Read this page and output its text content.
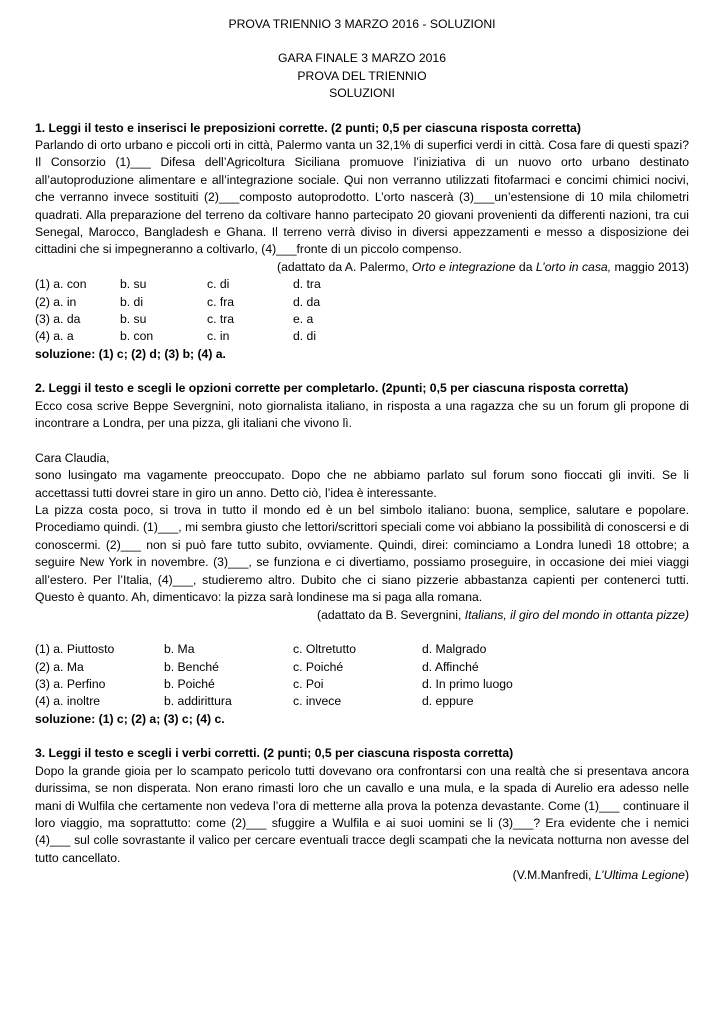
PROVA TRIENNIO 3 MARZO 2016 - SOLUZIONI
GARA FINALE 3 MARZO 2016
PROVA DEL TRIENNIO
SOLUZIONI
1. Leggi il testo e inserisci le preposizioni corrette. (2 punti; 0,5 per ciascuna risposta corretta)

Parlando di orto urbano e piccoli orti in città, Palermo vanta un 32,1% di superfici verdi in città. Cosa fare di questi spazi? Il Consorzio (1)___ Difesa dell’Agricoltura Siciliana promuove l’iniziativa di un nuovo orto urbano destinato all’autoproduzione alimentare e all’integrazione sociale. Qui non verranno utilizzati fitofarmaci e concimi chimici nocivi, che verranno invece sostituiti (2)___composto autoprodotto. L’orto nascerà (3)___un’estensione di 10 mila chilometri quadrati. Alla preparazione del terreno da coltivare hanno partecipato 20 giovani provenienti da differenti nazioni, tra cui Senegal, Marocco, Bangladesh e Ghana. Il terreno verrà diviso in diversi appezzamenti e messo a disposizione dei cittadini che si impegneranno a coltivarlo, (4)___fronte di un piccolo compenso.

(adattato da A. Palermo, Orto e integrazione da L’orto in casa, maggio 2013)
(1) a. con	b. su	c. di	d. tra
(2) a. in	b. di	c. fra	d. da
(3) a. da	b. su	c. tra	e. a
(4) a. a	b. con	c. in	d. di
soluzione: (1) c; (2) d; (3) b; (4) a.
2. Leggi il testo e scegli le opzioni corrette per completarlo. (2punti; 0,5 per ciascuna risposta corretta)

Ecco cosa scrive Beppe Severgnini, noto giornalista italiano, in risposta a una ragazza che su un forum gli propone di incontrare a Londra, per una pizza, gli italiani che vivono lì.

Cara Claudia,

sono lusingato ma vagamente preoccupato. Dopo che ne abbiamo parlato sul forum sono fioccati gli inviti. Se li accettassi tutti dovrei stare in giro un anno. Detto ciò, l’idea è interessante.

La pizza costa poco, si trova in tutto il mondo ed è un bel simbolo italiano: buona, semplice, salutare e popolare. Procediamo quindi. (1)___, mi sembra giusto che lettori/scrittori speciali come voi abbiano la possibilità di conoscersi e di conoscermi. (2)___ non si può fare tutto subito, ovviamente. Quindi, direi: cominciamo a Londra lunedì 18 ottobre; a seguire New York in novembre. (3)___, se funziona e ci divertiamo, possiamo proseguire, in occasione dei miei viaggi all’estero. Per l’Italia, (4)___, studieremo altro. Dubito che ci siano pizzerie abbastanza capienti per contenerci tutti. Questo è quanto. Ah, dimenticavo: la pizza sarà londinese ma si paga alla romana.

(adattato da B. Severgnini, Italians, il giro del mondo in ottanta pizze)
(1) a. Piuttosto	b. Ma	c. Oltretutto	d. Malgrado
(2) a. Ma	b. Benché	c. Poiché	d. Affinché
(3) a. Perfino	b. Poiché	c. Poi	d. In primo luogo
(4) a. inoltre	b. addirittura	c. invece	d. eppure
soluzione: (1) c; (2) a; (3) c; (4) c.
3. Leggi il testo e scegli i verbi corretti. (2 punti; 0,5 per ciascuna risposta corretta)

Dopo la grande gioia per lo scampato pericolo tutti dovevano ora confrontarsi con una realtà che si presentava ancora durissima, se non disperata. Non erano rimasti loro che un cavallo e una mula, e la spada di Aurelio era adesso nelle mani di Wulfila che certamente non vedeva l’ora di metterne alla prova la potenza devastante. Come (1)___ continuare il loro viaggio, ma soprattutto: come (2)___ sfuggire a Wulfila e ai suoi uomini se li (3)___? Era evidente che i nemici (4)___ sul colle sovrastante il valico per cercare eventuali tracce degli scampati che la nevicata notturna non avesse del tutto cancellato.

(V.M.Manfredi, L’Ultima Legione)
